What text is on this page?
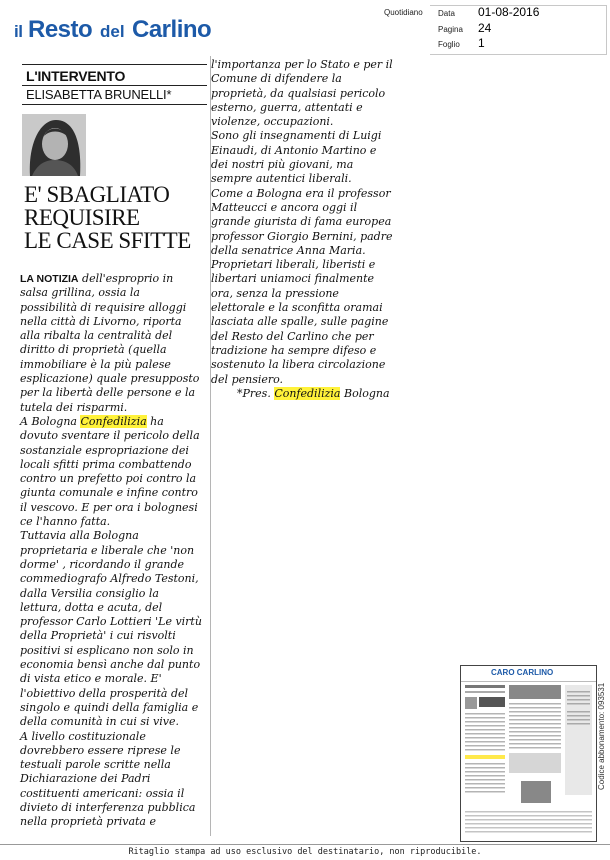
il Resto del Carlino
Quotidiano Data 01-08-2016
Pagina 24
Foglio 1
L'INTERVENTO
ELISABETTA BRUNELLI*
E' SBAGLIATO
REQUISIRE
LE CASE SFITTE
LA NOTIZIA dell'esproprio in
salsa grillina, ossia la
possibilità di requisire alloggi
nella città di Livorno, riporta
alla ribalta la centralità del
diritto di proprietà (quella
immobiliare è la più palese
esplicazione) quale presupposto
per la libertà delle persone e la
tutela dei risparmi.
A Bologna Confedilizia ha
dovuto sventare il pericolo della
sostanziale espropriazione dei
locali sfitti prima combattendo
contro un prefetto poi contro la
giunta comunale e infine contro
il vescovo. E per ora i bolognesi
ce l'hanno fatta.
Tuttavia alla Bologna
proprietaria e liberale che 'non
dorme' , ricordando il grande
commediografo Alfredo Testoni,
dalla Versilia consiglio la
lettura, dotta e acuta, del
professor Carlo Lottieri 'Le virtù
della Proprietà' i cui risvolti
positivi si esplicano non solo in
economia bensì anche dal punto
di vista etico e morale. E'
l'obiettivo della prosperità del
singolo e quindi della famiglia e
della comunità in cui si vive.
A livello costituzionale
dovrebbero essere riprese le
testuali parole scritte nella
Dichiarazione dei Padri
costituenti americani: ossia il
divieto di interferenza pubblica
nella proprietà privata e
l'importanza per lo Stato e per il
Comune di difendere la
proprietà, da qualsiasi pericolo
esterno, guerra, attentati e
violenze, occupazioni.
Sono gli insegnamenti di Luigi
Einaudi, di Antonio Martino e
dei nostri più giovani, ma
sempre autentici liberali.
Come a Bologna era il professor
Matteucci e ancora oggi il
grande giurista di fama europea
professor Giorgio Bernini, padre
della senatrice Anna Maria.
Proprietari liberali, liberisti e
libertari uniamoci finalmente
ora, senza la pressione
elettorale e la sconfitta oramai
lasciata alle spalle, sulle pagine
del Resto del Carlino che per
tradizione ha sempre difeso e
sostenuto la libera circolazione
del pensiero.
*Pres. Confedilizia Bologna
CARO CARLINO
Codice abbonamento: 093531
Ritaglio stampa ad uso esclusivo del destinatario, non riproducibile.
